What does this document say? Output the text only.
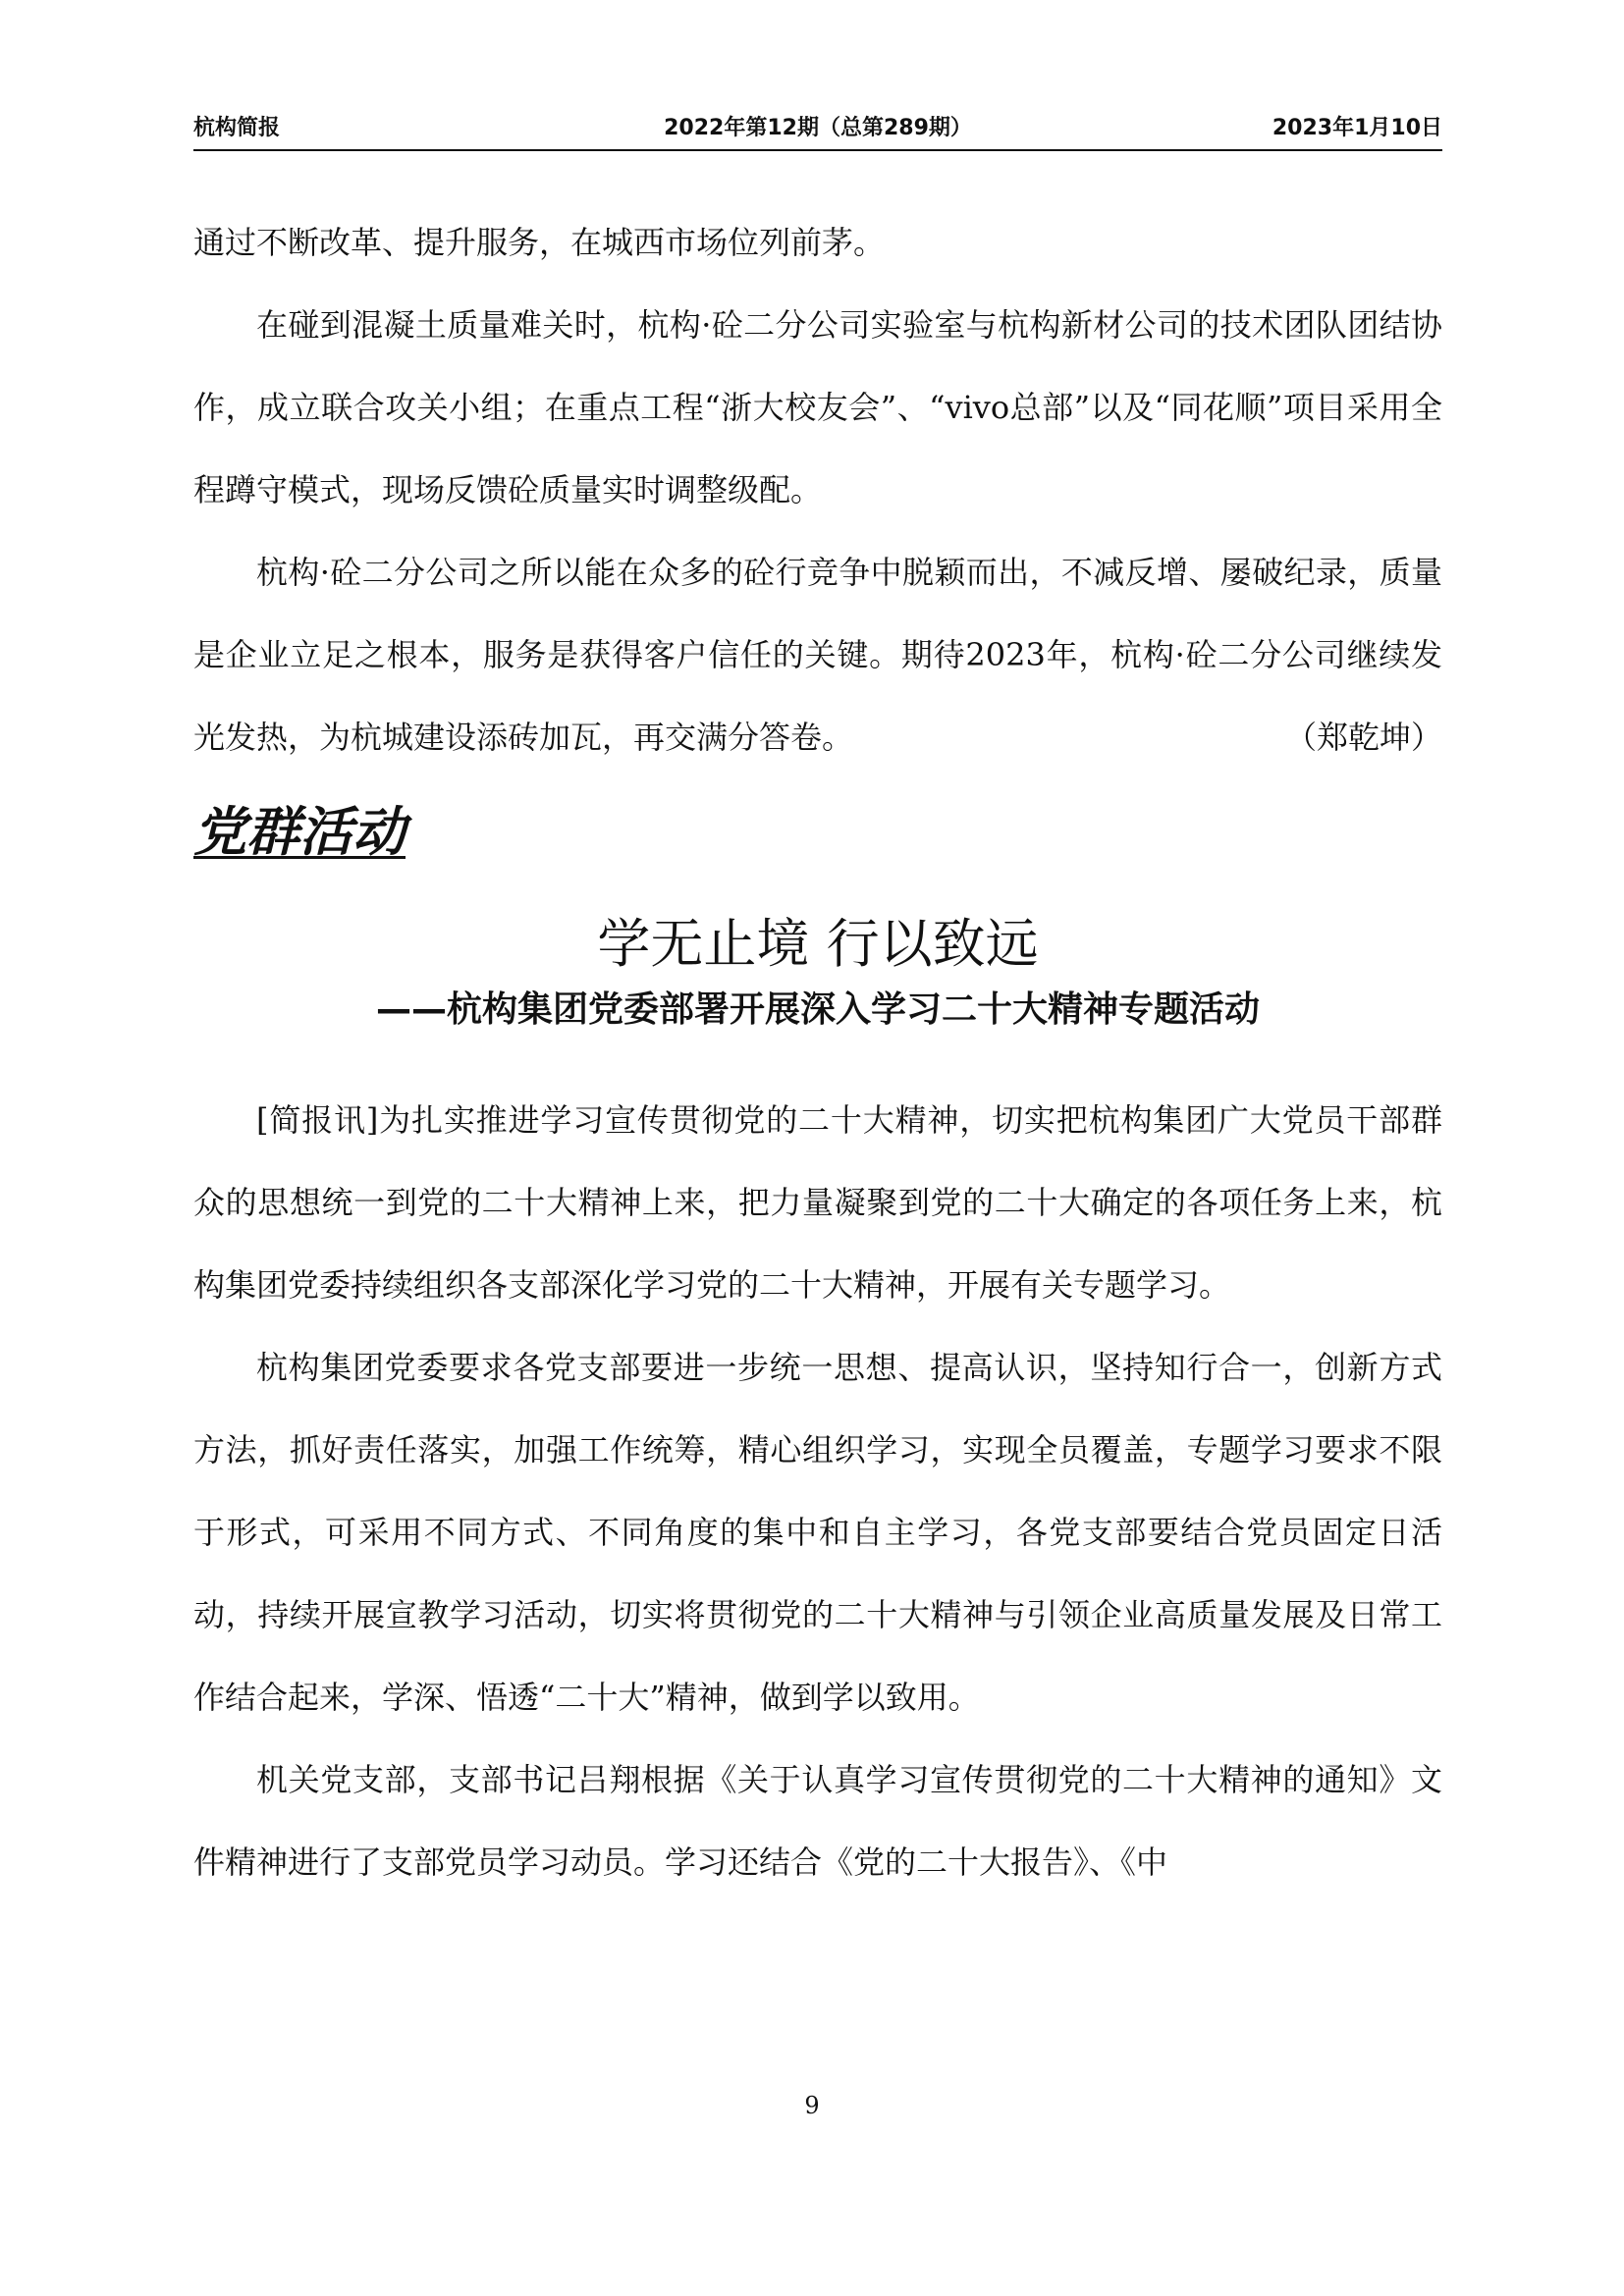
2022年第12期（总第289期）
杭构简报	2023年1月10日

通过不断改革、提升服务，在城西市场位列前茅。

在碰到混凝土质量难关时，杭构·砼二分公司实验室与杭构新材公司的技术团队团结协作，成立联合攻关小组；在重点工程“浙大校友会”、“vivo总部”以及“同花顺”项目采用全程蹲守模式，现场反馈砼质量实时调整级配。

杭构·砼二分公司之所以能在众多的砼行竞争中脱颖而出，不减反增、屡破纪录，质量是企业立足之根本，服务是获得客户信任的关键。期待2023年，杭构·砼二分公司继续发光发热，为杭城建设添砖加瓦，再交满分答卷。	（郑乾坤）

党群活动
学无止境 行以致远
——杭构集团党委部署开展深入学习二十大精神专题活动

[简报讯]为扎实推进学习宣传贯彻党的二十大精神，切实把杭构集团广大党员干部群众的思想统一到党的二十大精神上来，把力量凝聚到党的二十大确定的各项任务上来，杭构集团党委持续组织各支部深化学习党的二十大精神，开展有关专题学习。

杭构集团党委要求各党支部要进一步统一思想、提高认识，坚持知行合一，创新方式方法，抓好责任落实，加强工作统筹，精心组织学习，实现全员覆盖，专题学习要求不限于形式，可采用不同方式、不同角度的集中和自主学习，各党支部要结合党员固定日活动，持续开展宣教学习活动，切实将贯彻党的二十大精神与引领企业高质量发展及日常工作结合起来，学深、悟透“二十大”精神，做到学以致用。

机关党支部，支部书记吕翔根据《关于认真学习宣传贯彻党的二十大精神的通知》文件精神进行了支部党员学习动员。学习还结合《党的二十大报告》、《中

9
